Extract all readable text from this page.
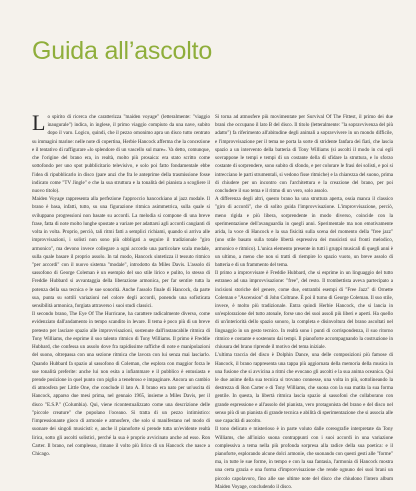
Guida all’ascolto

Lo spirito di ricerca che caratterizza "maiden voyage" (letteralmente: "viaggio inaugurale") indica, in inglese, il primo viaggio compiuto da una nave, subito dopo il varo. Logico, quindi, che il pezzo omonimo apra un disco tutto centrato su immagini marine: nelle note di copertina, Herbie Hancock afferma che la concezione e il tentativo di raffigurare «lo splendore di un vascello sul mare». Va detto, comunque, che l'origine del brano era, in realtà, molto più prosaica: era stato scritto come sottofondo per uno spot pubblicitario televisivo, e solo poi fatto fondamentale ebbe l'idea di ripubblicarlo in disco (pare anzi che fra le anteprime della trasmissione fosse indicato come "TV Jingle" e che la sua struttura e la tonalità del pianista a scogliere il nuovo titolo).

Maiden Voyage rappresenta alla perfezione l'approccio hancockiano al jazz modale. Il brano è basa, infatti, tutto, su una figurazione ritmica asimmetrica, sulla quale si sviluppano progressioni non basate su accordi. La melodia si compone di una breve frase, fatta di note molto lunghe spostate a variare per adattarsi agli accordi cangianti di volta in volta. Proprio, perciò, tali ritmi fatti a semplici richiami, quando si arriva alle improvvisazioni, i solisti non sono più obbligati a seguire il tradizionale "giro armonico", ma devono invece collegare a ogni accordo una particolare scala modale, sulla quale basare il proprio assolo. In tal modo, Hancock sintetizza il tessuto ritmico "per accordi" con il nuovo sistema "modale", introdotto da Miles Davis. L'assolo di sassofono di George Coleman è un esempio del suo stile lirico e pulito, lo stesso di Freddie Hubbard si avvantaggia della liberazione armonica, per far sentire tutta la potenza della sua tecnica e le sue sonorità. Anche l'assolo finale di Hancock, da parte sua, punta su sottili variazioni nel colore degli accordi, ponendo una sofisticata sensibilità armonica, forgiata attraverso i suoi studi classici.

Il secondo brano, The Eye Of The Hurricane, ha carattere radicalmente diverso, come evidenziato dall'andamento in tempo scandito in levare. Il tema è poco più di un breve pretesto per lasciare spazio alle improvvisazioni, sostenute dall'instancabile ritmica di Tony Williams, che esprime il suo talento ritmico di Tony Williams. Il primo è Freddie Hubbard, che confessa un assolo dove fra rapidissime raffiche di note e manipolazioni del suono, oltrepassa con una sezione ritmica che lavora con lui senza mai lasciarlo. Quando Hubbard fa spazio al sassofono di Coleman, che esplora con maggior forza le sue tonalità preferite: anche lui non esita a infiammare e il pubblico è entusiasta e prende posizione in quel punto con piglio a tenebroso e impaginare. Ancora un cambio di atmosfera per Little One, che conclude il lato A. Il brano era nato per un'uscita di Hancock, apparso due mesi prima, nel gennaio 1965, insieme a Miles Davis, per il disco "E.S.P." (Columbia). Qui, viene ricontestualizzato come una descrizione delle "piccole creature" che popolano l'oceano. Si tratta di un pezzo intimistico: l'impressionante gioco di armonie e atmosfere, che solo si manifestano nel modo di suonare dei singoli musicisti: e, anche il pianoforte si prende tutta un'evidente realtà lirica, sotto gli ascolti solistici, perché la sua è proprio avvicinato anche ad esso. Ron Carter. Il brano, nel complesso, rimane il volto più lirico di un Hancock che nasce a Chicago.

Si torna ad atmosfere più movimentate per Survival Of The Fittest, il primo dei due brani che occupano il lato B del disco. Il titolo (letteralmente: "la sopravvivenza del più adatto") fa riferimento all'abitudine degli animali a sopravvivere in un mondo difficile, e l'improvvisazione per il tema ne porta la sorte di stridente fanfara dei fiati, che lascia spazio a un intervento della batteria di Tony Williams (si ascolti il modo in cui egli sovrappone le tempi e tempi di un costante della di sfidare la struttura, e lo sforzo costante di sorprendere, sono subito di sfondo, e per colorare le frasi dei solisti, e poi si intrecciano le parti strumentali, si vedono fisse ritmiche) e la chiarezza del suono, prima di chiudere per un incontro con l'architettura e la creazione del brano, per poi concludere il suo tema e il ritmo di un vero, solo assolo.

A differenza degli altri, questo brano ha una struttura aperta, ossia manca il classico "giro di accordi", che di solito guida l'improvvisazione. L'improvvisazione, perciò, meno rigida e più libera, sorprendente in modo diverso, coincide con la sperimentazione dell'avanguardia in quegli anni. Sperimentale ma non emotivamente arida, la voce di Hancock e la sua fisicità sulla scena del momento della "free jazz" (uno stile basato sulla totale libertà espressiva dei musicisti sui fronti melodico, armonico e ritmico). L'unica elemento presente in tutti i gruppi musicali di quegli anni è un ultimo, a meno che non si tratti di riempire lo spazio vuoto, un breve assolo di batteria e di un frammento del tema.

Il primo a improvvisare è Freddie Hubbard, che si esprime in un linguaggio del tutto estraneo ad una improvvisazione: "free", del resto. Il trombettista aveva partecipato a incisioni storiche del genere, come due, entrambi esempi di "Free Jazz" di Ornette Coleman e "Ascension" di John Coltrane. È poi il turno di George Coleman. Il suo stile, invece, è molto più tradizionale. Entra quindi Herbie Hancock, che si lancia in un'esplorazione del tutto atonale, forse uno dei suoi assoli più liberi e aperti. Ha quello di un'interiorità dello spazio sonoro, la completa e disinvoltura del brano ascoltati nel linguaggio in un gesto tecnico. In realtà sono i punti di corrispondenza, il suo ritorno ritmico e costante e sostenuto dai tempi. Il pianoforte accompagnando la costruzione in chiusura del brano riprende il motivo del tema iniziale.

L'ultima traccia del disco è Dolphin Dance, una delle composizioni più famose di Hancock, il brano rappresenta una tappa più aggiornata della memoria della musica in una fusione che si avvicina a ritmi che evocano gli ascolti e la sua anima oceanica. Qui le due anime della sua tecnica si trovano connesse, una volta in più, sottolineando la destrezza di Ron Carter e di Tony Williams, che suona con la sua matita la sua forma gentile. In questa, la libertà ritmica lascia spazio ai sassofoni che collaborano con grande espressione e all'assolo del pianista, vero protagonista del brano e del disco nel senso più di un pianista di grande tecnica e abilità di sperimentazione che si associa alle sue capacità di ascolto.

Il tono delicato e misterioso è in parte voluto dalle coreografie interpretate da Tony Williams, che all'inizio suona contrappunti con i suoi accordi in una variazione complessiva a tema nella più profonda sorpresa alla radice della sua poetica: e il pianoforte, esplorando alcune dolci armonie, che suonando con questi gesti alle "forme" ma, in tutte le sue forme, in tempo e con la sua fantasia, l'armonia di Hancock mostra una certa grazia e una forma d'improvvisazione che rende ognuno dei suoi brani un piccolo capolavoro, fino alle sue ultime note del disco che chiudono l'intero album Maiden Voyage, concludendo il disco.
